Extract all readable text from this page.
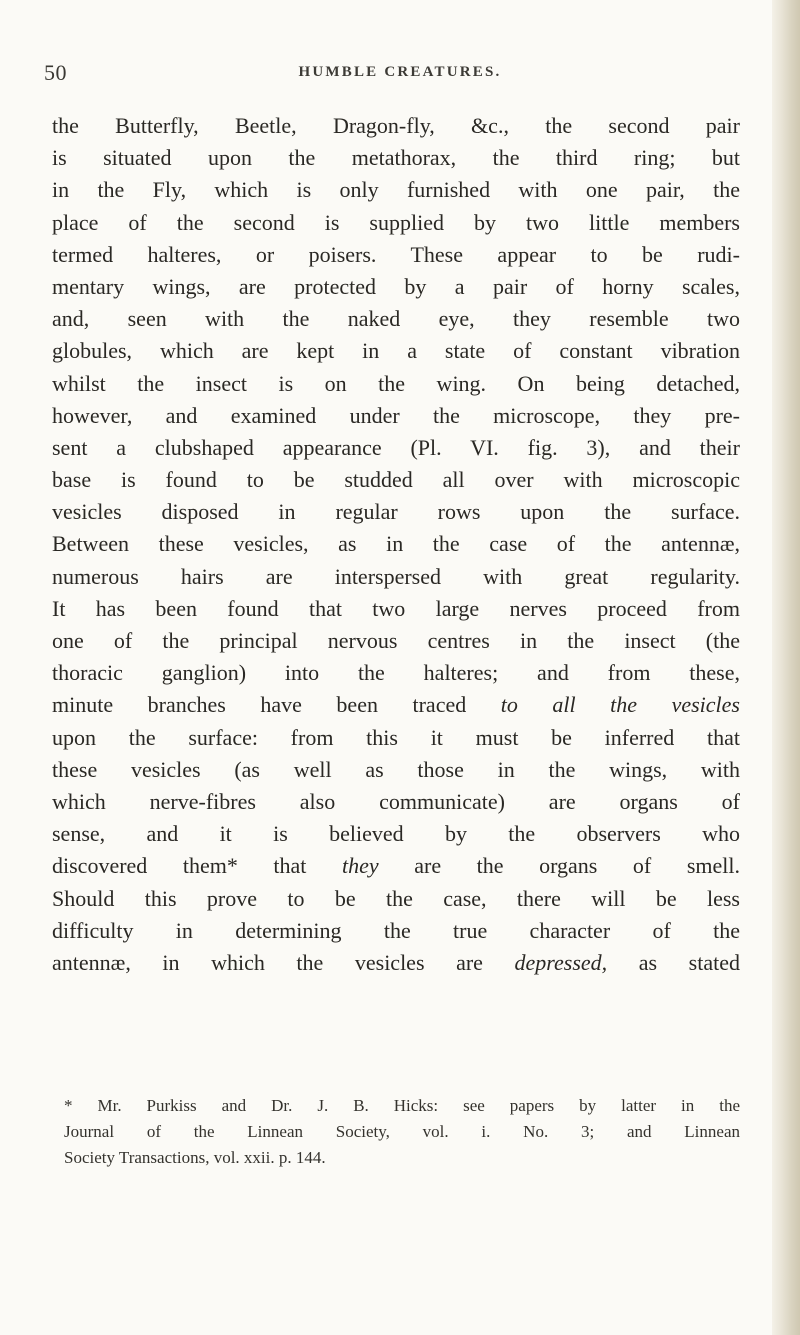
50	HUMBLE CREATURES.
the Butterfly, Beetle, Dragon-fly, &c., the second pair
is situated upon the metathorax, the third ring; but
in the Fly, which is only furnished with one pair, the
place of the second is supplied by two little members
termed halteres, or poisers. These appear to be rudi-
mentary wings, are protected by a pair of horny scales,
and, seen with the naked eye, they resemble two
globules, which are kept in a state of constant vibration
whilst the insect is on the wing. On being detached,
however, and examined under the microscope, they pre-
sent a clubshaped appearance (Pl. VI. fig. 3), and their
base is found to be studded all over with microscopic
vesicles disposed in regular rows upon the surface.
Between these vesicles, as in the case of the antennæ,
numerous hairs are interspersed with great regularity.
It has been found that two large nerves proceed from
one of the principal nervous centres in the insect (the
thoracic ganglion) into the halteres; and from these,
minute branches have been traced to all the vesicles
upon the surface: from this it must be inferred that
these vesicles (as well as those in the wings, with
which nerve-fibres also communicate) are organs of
sense, and it is believed by the observers who
discovered them* that they are the organs of smell.
Should this prove to be the case, there will be less
difficulty in determining the true character of the
antennæ, in which the vesicles are depressed, as stated
* Mr. Purkiss and Dr. J. B. Hicks: see papers by latter in the
Journal of the Linnean Society, vol. i. No. 3; and Linnean
Society Transactions, vol. xxii. p. 144.
